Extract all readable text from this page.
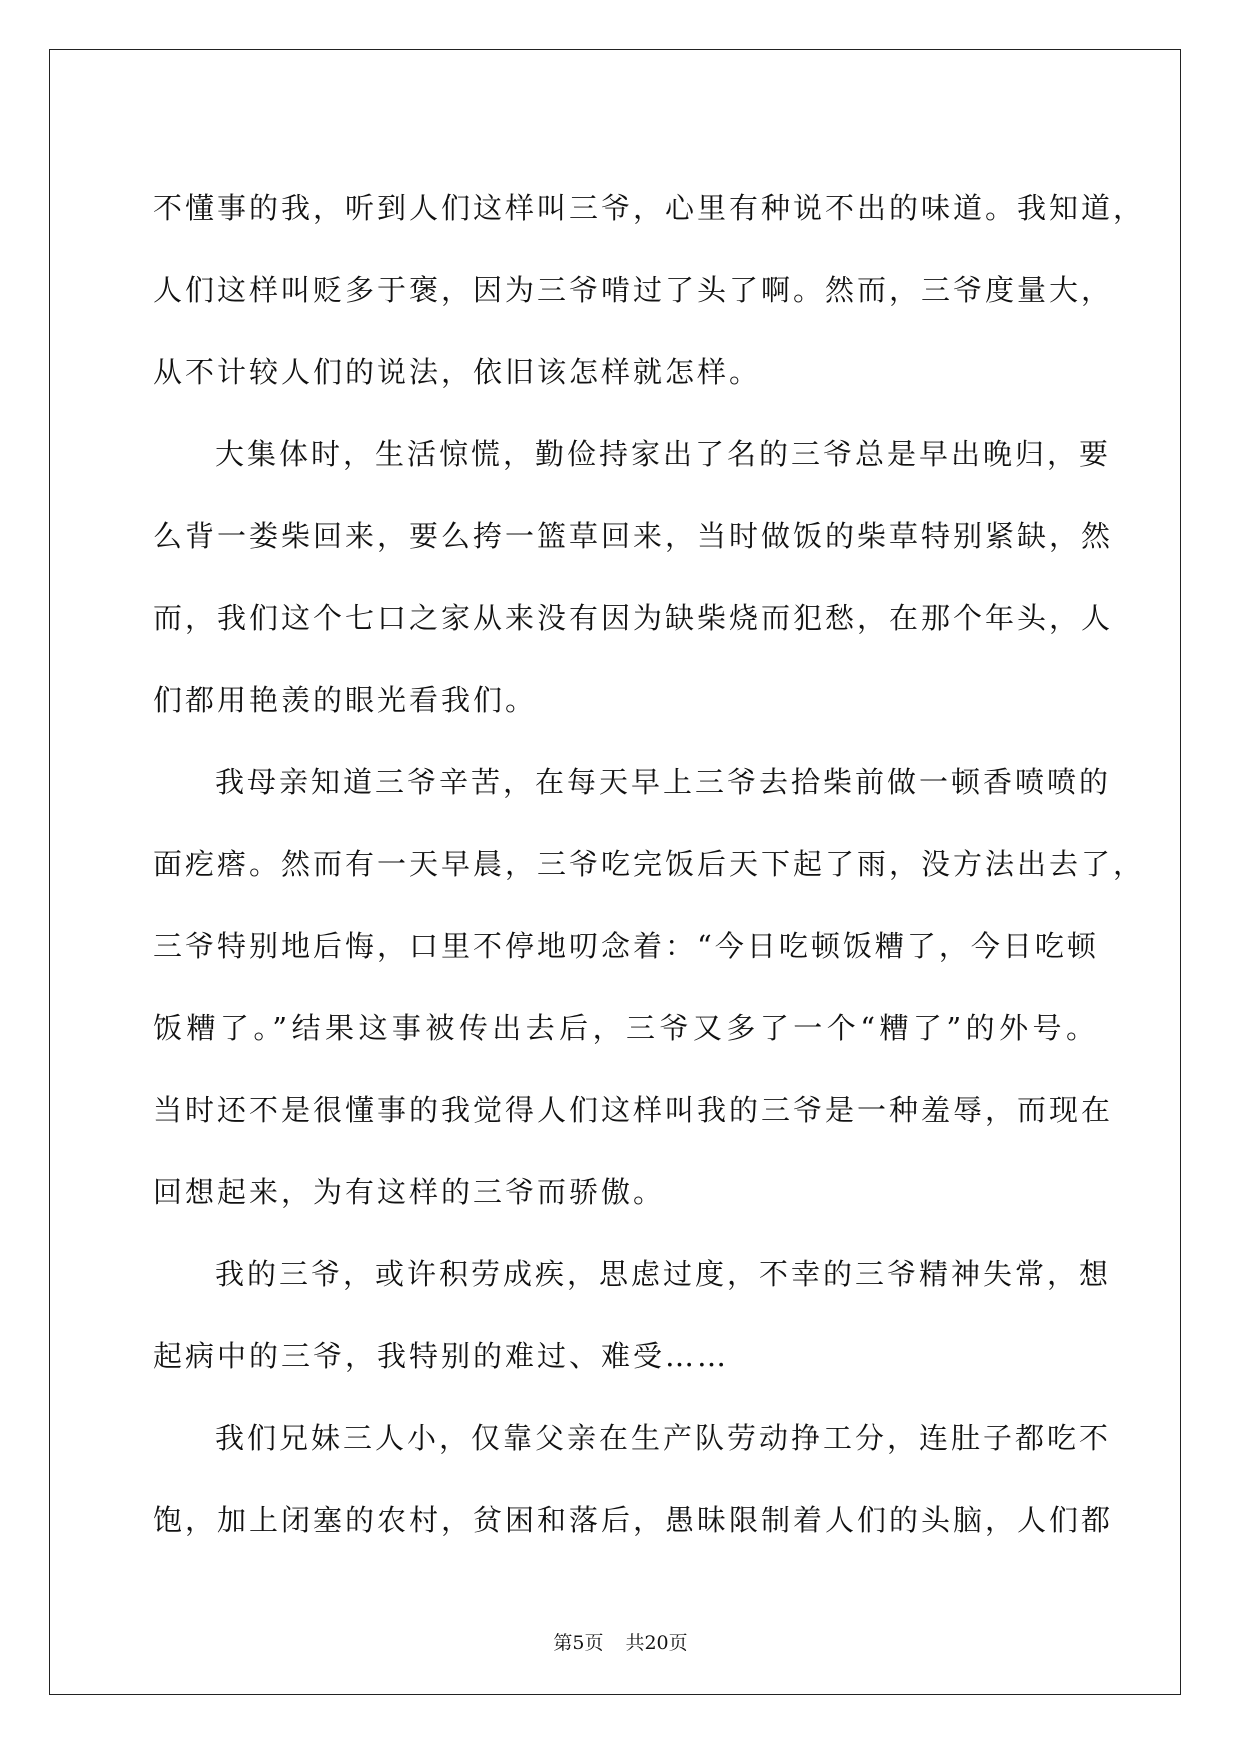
不懂事的我，听到人们这样叫三爷，心里有种说不出的味道。我知道，
人们这样叫贬多于褒，因为三爷啃过了头了啊。然而，三爷度量大，
从不计较人们的说法，依旧该怎样就怎样。
大集体时，生活惊慌，勤俭持家出了名的三爷总是早出晚归，要
么背一娄柴回来，要么挎一篮草回来，当时做饭的柴草特别紧缺，然
而，我们这个七口之家从来没有因为缺柴烧而犯愁，在那个年头，人
们都用艳羡的眼光看我们。
我母亲知道三爷辛苦，在每天早上三爷去拾柴前做一顿香喷喷的
面疙瘩。然而有一天早晨，三爷吃完饭后天下起了雨，没方法出去了，
三爷特别地后悔，口里不停地叨念着：“今日吃顿饭糟了，今日吃顿
饭糟了。”结果这事被传出去后，三爷又多了一个“糟了”的外号。
当时还不是很懂事的我觉得人们这样叫我的三爷是一种羞辱，而现在
回想起来，为有这样的三爷而骄傲。
我的三爷，或许积劳成疾，思虑过度，不幸的三爷精神失常，想
起病中的三爷，我特别的难过、难受……
我们兄妹三人小，仅靠父亲在生产队劳动挣工分，连肚子都吃不
饱，加上闭塞的农村，贫困和落后，愚昧限制着人们的头脑，人们都
第5页 共20页
